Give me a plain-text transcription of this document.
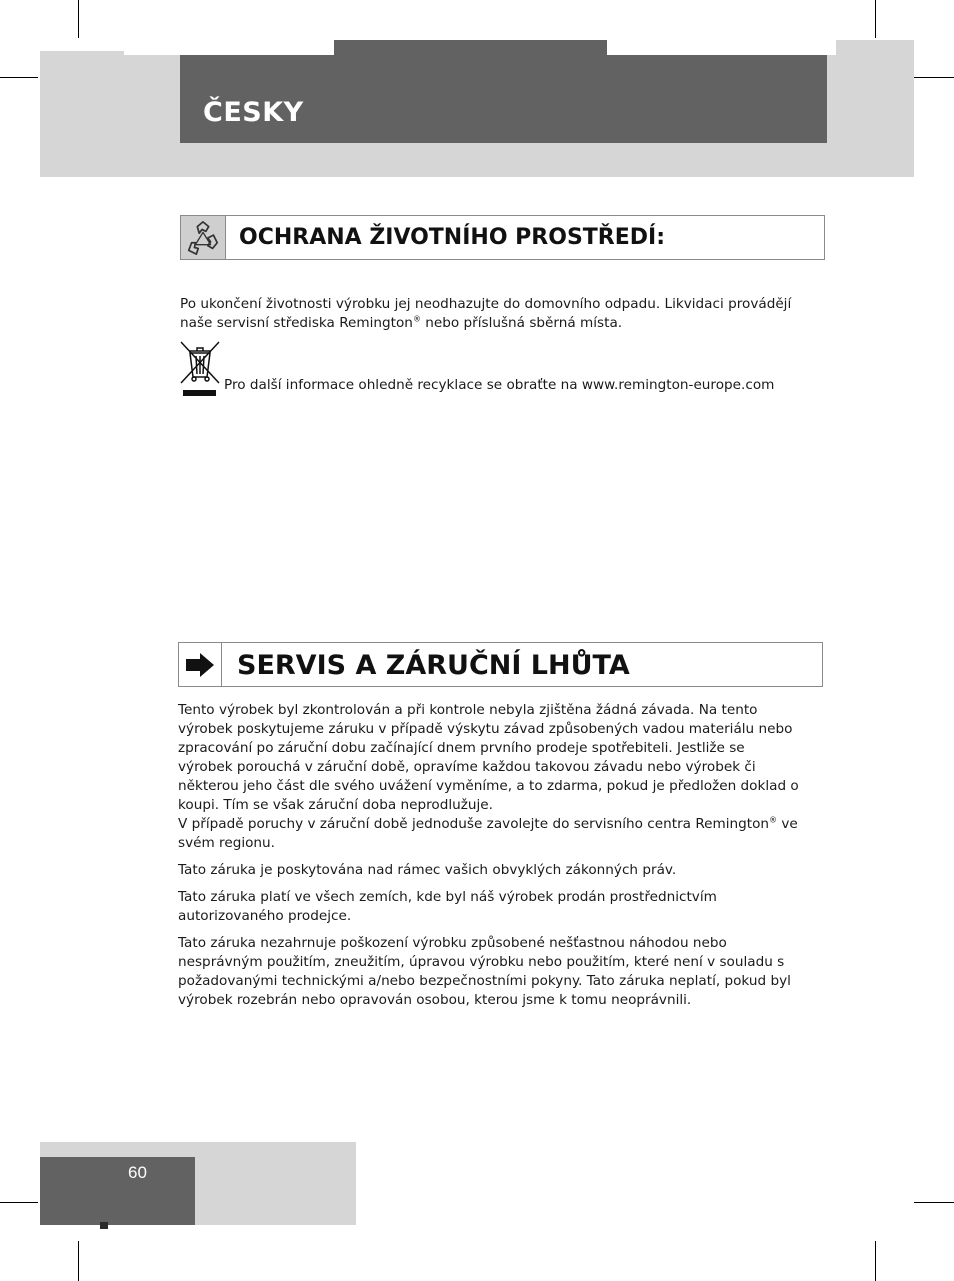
ČESKY
OCHRANA ŽIVOTNÍHO PROSTŘEDÍ:
Po ukončení životnosti výrobku jej neodhazujte do domovního odpadu. Likvidaci provádějí naše servisní střediska Remington® nebo příslušná sběrná místa.
Pro další informace ohledně recyklace se obraťte na www.remington-europe.com
SERVIS A ZÁRUČNÍ LHŮTA

Tento výrobek byl zkontrolován a při kontrole nebyla zjištěna žádná závada. Na tento výrobek poskytujeme záruku v případě výskytu závad způsobených vadou materiálu nebo zpracování po záruční dobu začínající dnem prvního prodeje spotřebiteli. Jestliže se výrobek porouchá v záruční době, opravíme každou takovou závadu nebo výrobek či některou jeho část dle svého uvážení vyměníme, a to zdarma, pokud je předložen doklad o koupi. Tím se však záruční doba neprodlužuje.

V případě poruchy v záruční době jednoduše zavolejte do servisního centra Remington® ve svém regionu.

Tato záruka je poskytována nad rámec vašich obvyklých zákonných práv.

Tato záruka platí ve všech zemích, kde byl náš výrobek prodán prostřednictvím autorizovaného prodejce.

Tato záruka nezahrnuje poškození výrobku způsobené nešťastnou náhodou nebo nesprávným použitím, zneužitím, úpravou výrobku nebo použitím, které není v souladu s požadovanými technickými a/nebo bezpečnostními pokyny. Tato záruka neplatí, pokud byl výrobek rozebrán nebo opravován osobou, kterou jsme k tomu neoprávnili.

60
